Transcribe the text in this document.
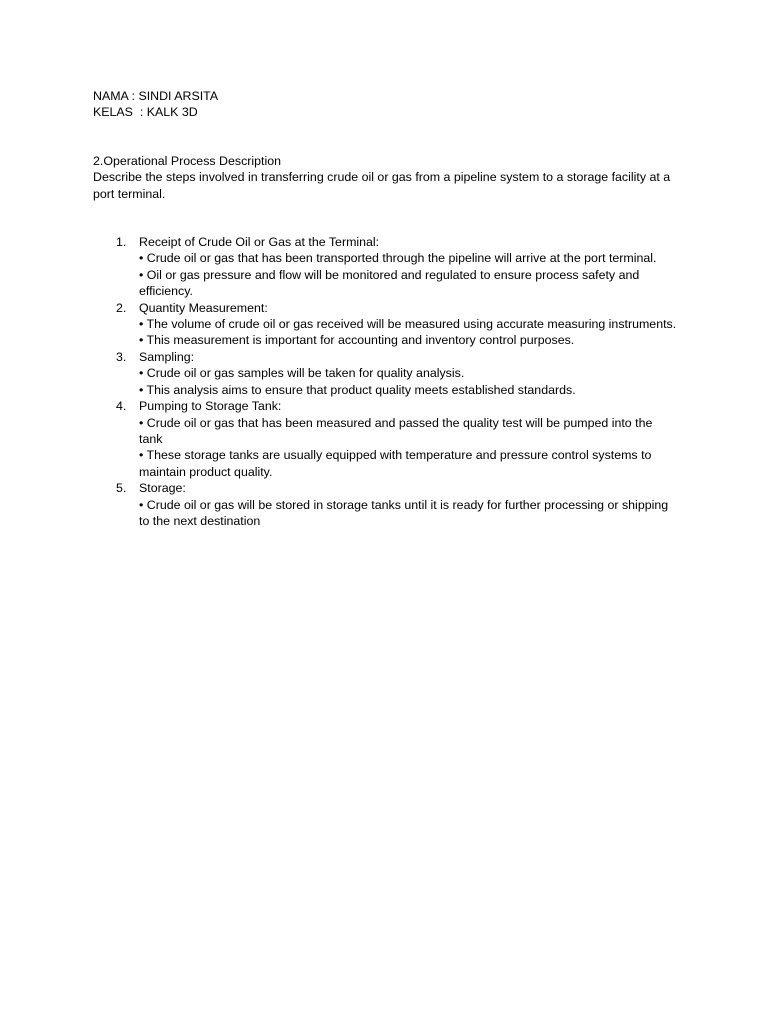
NAMA : SINDI ARSITA
KELAS  : KALK 3D
2.Operational Process Description
Describe the steps involved in transferring crude oil or gas from a pipeline system to a storage facility at a port terminal.
1. Receipt of Crude Oil or Gas at the Terminal:
• Crude oil or gas that has been transported through the pipeline will arrive at the port terminal.
• Oil or gas pressure and flow will be monitored and regulated to ensure process safety and efficiency.
2. Quantity Measurement:
• The volume of crude oil or gas received will be measured using accurate measuring instruments.
• This measurement is important for accounting and inventory control purposes.
3. Sampling:
• Crude oil or gas samples will be taken for quality analysis.
• This analysis aims to ensure that product quality meets established standards.
4. Pumping to Storage Tank:
• Crude oil or gas that has been measured and passed the quality test will be pumped into the tank
• These storage tanks are usually equipped with temperature and pressure control systems to maintain product quality.
5. Storage:
• Crude oil or gas will be stored in storage tanks until it is ready for further processing or shipping to the next destination
